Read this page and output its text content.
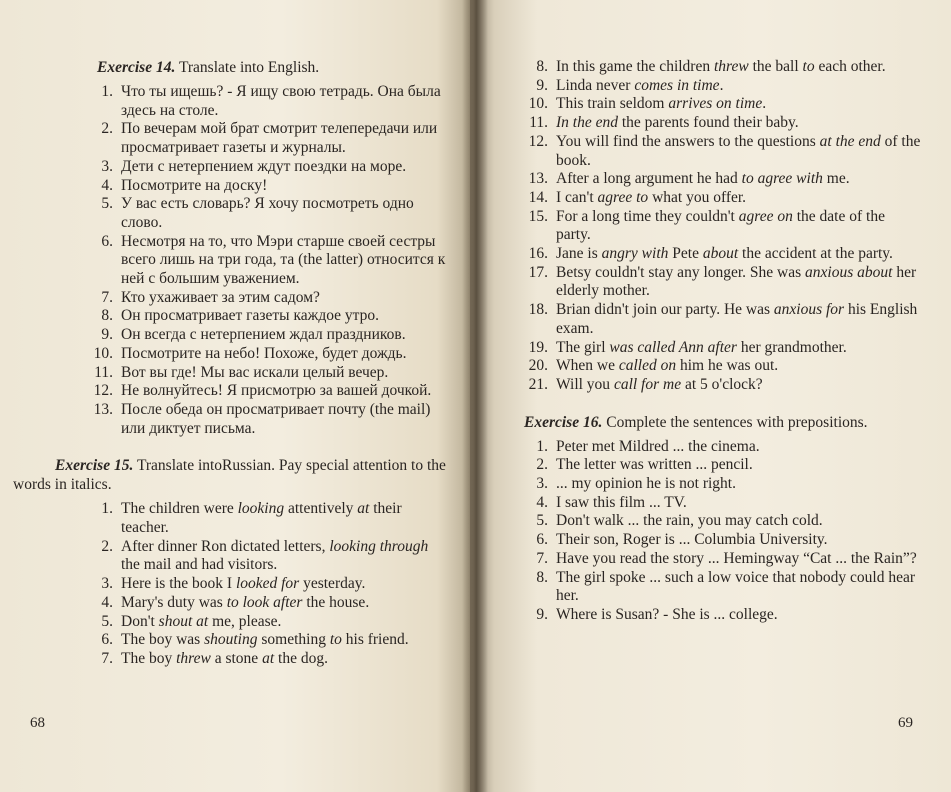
Exercise 14. Translate into English.

1. Что ты ищешь? - Я ищу свою тетрадь. Она была здесь на столе.
2. По вечерам мой брат смотрит телепередачи или просматривает газеты и журналы.
3. Дети с нетерпением ждут поездки на море.
4. Посмотрите на доску!
5. У вас есть словарь? Я хочу посмотреть одно слово.
6. Несмотря на то, что Мэри старше своей сестры всего лишь на три года, та (the latter) относится к ней с большим уважением.
7. Кто ухаживает за этим садом?
8. Он просматривает газеты каждое утро.
9. Он всегда с нетерпением ждал праздников.
10. Посмотрите на небо! Похоже, будет дождь.
11. Вот вы где! Мы вас искали целый вечер.
12. Не волнуйтесь! Я присмотрю за вашей дочкой.
13. После обеда он просматривает почту (the mail) или диктует письма.

Exercise 15. Translate intoRussian. Pay special attention to the words in italics.

1. The children were looking attentively at their teacher.
2. After dinner Ron dictated letters, looking through the mail and had visitors.
3. Here is the book I looked for yesterday.
4. Mary's duty was to look after the house.
5. Don't shout at me, please.
6. The boy was shouting something to his friend.
7. The boy threw a stone at the dog.
68
8. In this game the children threw the ball to each other.
9. Linda never comes in time.
10. This train seldom arrives on time.
11. In the end the parents found their baby.
12. You will find the answers to the questions at the end of the book.
13. After a long argument he had to agree with me.
14. I can't agree to what you offer.
15. For a long time they couldn't agree on the date of the party.
16. Jane is angry with Pete about the accident at the party.
17. Betsy couldn't stay any longer. She was anxious about her elderly mother.
18. Brian didn't join our party. He was anxious for his English exam.
19. The girl was called Ann after her grandmother.
20. When we called on him he was out.
21. Will you call for me at 5 o'clock?

Exercise 16. Complete the sentences with prepositions.

1. Peter met Mildred ... the cinema.
2. The letter was written ... pencil.
3. ... my opinion he is not right.
4. I saw this film ... TV.
5. Don't walk ... the rain, you may catch cold.
6. Their son, Roger is ... Columbia University.
7. Have you read the story ... Hemingway “Cat ... the Rain”?
8. The girl spoke ... such a low voice that nobody could hear her.
9. Where is Susan? - She is ... college.
69
